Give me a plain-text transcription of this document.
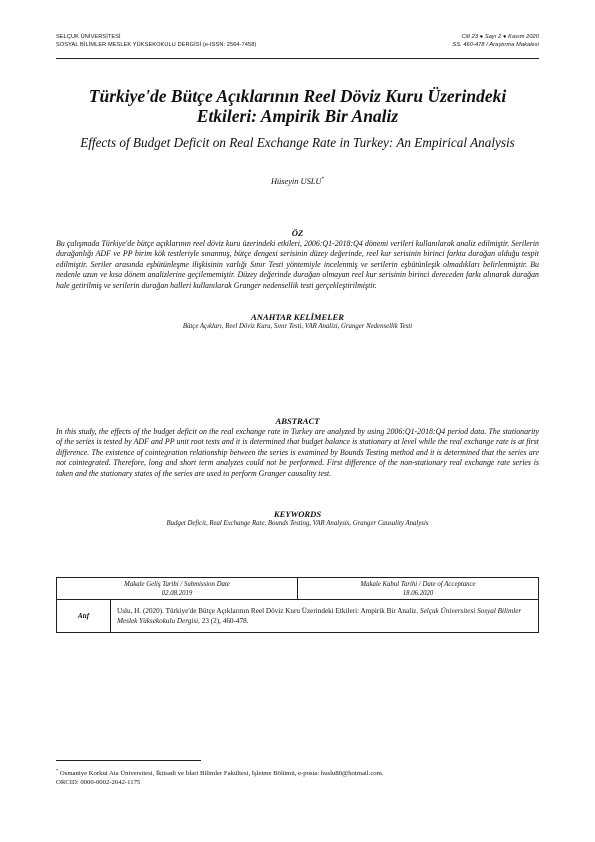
SELÇUK ÜNİVERSİTESİ	Cilt 23 ● Sayı 2 ● Kasım 2020
SOSYAL BİLİMLER MESLEK YÜKSEKOKULU DERGİSİ (e-ISSN: 2564-7458)	SS. 460-478 / Araştırma Makalesi
Türkiye'de Bütçe Açıklarının Reel Döviz Kuru Üzerindeki
Etkileri: Ampirik Bir Analiz
Effects of Budget Deficit on Real Exchange Rate in Turkey: An Empirical Analysis
Hüseyin USLU*
ÖZ
Bu çalışmada Türkiye'de bütçe açıklarının reel döviz kuru üzerindeki etkileri, 2006:Q1-2018:Q4 dönemi verileri kullanılarak analiz edilmiştir. Serilerin durağanlığı ADF ve PP birim kök testleriyle sınanmış, bütçe dengesi serisinin düzey değerinde, reel kur serisinin birinci farkta durağan olduğu tespit edilmiştir. Seriler arasında eşbütünleşme ilişkisinin varlığı Sınır Testi yöntemiyle incelenmiş ve serilerin eşbütünleşik olmadıkları belirlenmiştir. Bu nedenle uzun ve kısa dönem analizlerine geçilememiştir. Düzey değerinde durağan olmayan reel kur serisinin birinci dereceden farkı alınarak durağan hale getirilmiş ve serilerin durağan halleri kullanılarak Granger nedensellik testi gerçekleştirilmiştir.
ANAHTAR KELİMELER
Bütçe Açıkları, Reel Döviz Kuru, Sınır Testi, VAR Analizi, Granger Nedensellik Testi
ABSTRACT
In this study, the effects of the budget deficit on the real exchange rate in Turkey are analyzed by using 2006:Q1-2018:Q4 period data. The stationarity of the series is tested by ADF and PP unit root tests and it is determined that budget balance is stationary at level while the real exchange rate is at first difference. The existence of cointegration relationship between the series is examined by Bounds Testing method and it is determined that the series are not cointegrated. Therefore, long and short term analyzes could not be performed. First difference of the non-stationary real exchange rate series is taken and the stationary states of the series are used to perform Granger causality test.
KEYWORDS
Budget Deficit, Real Exchange Rate, Bounds Testing, VAR Analysis, Granger Causality Analysis
Makale Geliş Tarihi / Submission Date
02.08.2019
Makale Kabul Tarihi / Date of Acceptance
18.06.2020
Atıf
Uslu, H. (2020). Türkiye'de Bütçe Açıklarının Reel Döviz Kuru Üzerindeki Etkileri: Ampirik Bir Analiz. Selçuk Üniversitesi Sosyal Bilimler Meslek Yüksekokulu Dergisi, 23 (2), 460-478.
* Osmaniye Korkut Ata Üniversitesi, İktisadi ve İdari Bilimler Fakültesi, İşletme Bölümü, e-posta: huslu80@hotmail.com.
ORCID: 0000-0002-2642-1175
